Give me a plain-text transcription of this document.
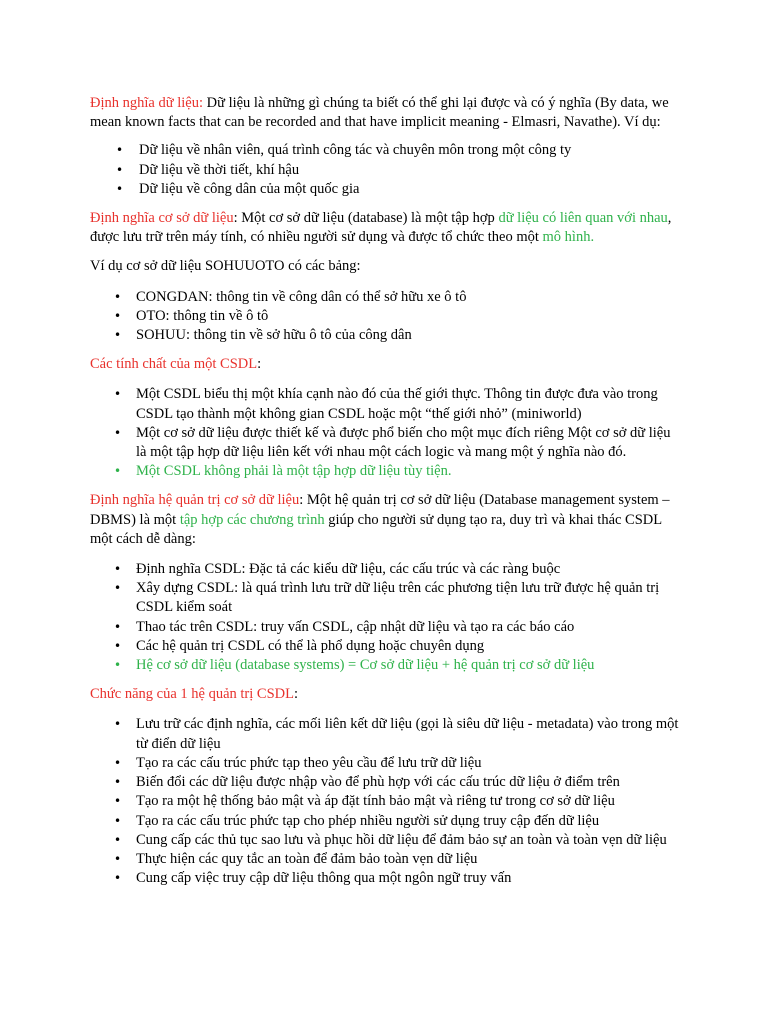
Định nghĩa dữ liệu: Dữ liệu là những gì chúng ta biết có thể ghi lại được và có ý nghĩa (By data, we mean known facts that can be recorded and that have implicit meaning - Elmasri, Navathe). Ví dụ:

• Dữ liệu về nhân viên, quá trình công tác và chuyên môn trong một công ty
• Dữ liệu về thời tiết, khí hậu
• Dữ liệu về công dân của một quốc gia

Định nghĩa cơ sở dữ liệu: Một cơ sở dữ liệu (database) là một tập hợp dữ liệu có liên quan với nhau, được lưu trữ trên máy tính, có nhiều người sử dụng và được tổ chức theo một mô hình.

Ví dụ cơ sở dữ liệu SOHUUOTO có các bảng:

• CONGDAN: thông tin về công dân có thể sở hữu xe ô tô
• OTO: thông tin về ô tô
• SOHUU: thông tin về sở hữu ô tô của công dân

Các tính chất của một CSDL:

• Một CSDL biểu thị một khía cạnh nào đó của thế giới thực. Thông tin được đưa vào trong CSDL tạo thành một không gian CSDL hoặc một “thế giới nhỏ” (miniworld)
• Một cơ sở dữ liệu được thiết kế và được phổ biến cho một mục đích riêng Một cơ sở dữ liệu là một tập hợp dữ liệu liên kết với nhau một cách logic và mang một ý nghĩa nào đó.
• Một CSDL không phải là một tập hợp dữ liệu tùy tiện.

Định nghĩa hệ quản trị cơ sở dữ liệu: Một hệ quản trị cơ sở dữ liệu (Database management system – DBMS) là một tập hợp các chương trình giúp cho người sử dụng tạo ra, duy trì và khai thác CSDL một cách dễ dàng:

• Định nghĩa CSDL: Đặc tả các kiểu dữ liệu, các cấu trúc và các ràng buộc
• Xây dựng CSDL: là quá trình lưu trữ dữ liệu trên các phương tiện lưu trữ được hệ quản trị CSDL kiểm soát
• Thao tác trên CSDL: truy vấn CSDL, cập nhật dữ liệu và tạo ra các báo cáo
• Các hệ quản trị CSDL có thể là phổ dụng hoặc chuyên dụng
• Hệ cơ sở dữ liệu (database systems) = Cơ sở dữ liệu + hệ quản trị cơ sở dữ liệu

Chức năng của 1 hệ quản trị CSDL:

• Lưu trữ các định nghĩa, các mối liên kết dữ liệu (gọi là siêu dữ liệu - metadata) vào trong một từ điển dữ liệu
• Tạo ra các cấu trúc phức tạp theo yêu cầu để lưu trữ dữ liệu
• Biến đổi các dữ liệu được nhập vào để phù hợp với các cấu trúc dữ liệu ở điểm trên
• Tạo ra một hệ thống bảo mật và áp đặt tính bảo mật và riêng tư trong cơ sở dữ liệu
• Tạo ra các cấu trúc phức tạp cho phép nhiều người sử dụng truy cập đến dữ liệu
• Cung cấp các thủ tục sao lưu và phục hồi dữ liệu để đảm bảo sự an toàn và toàn vẹn dữ liệu
• Thực hiện các quy tắc an toàn để đảm bảo toàn vẹn dữ liệu
• Cung cấp việc truy cập dữ liệu thông qua một ngôn ngữ truy vấn
